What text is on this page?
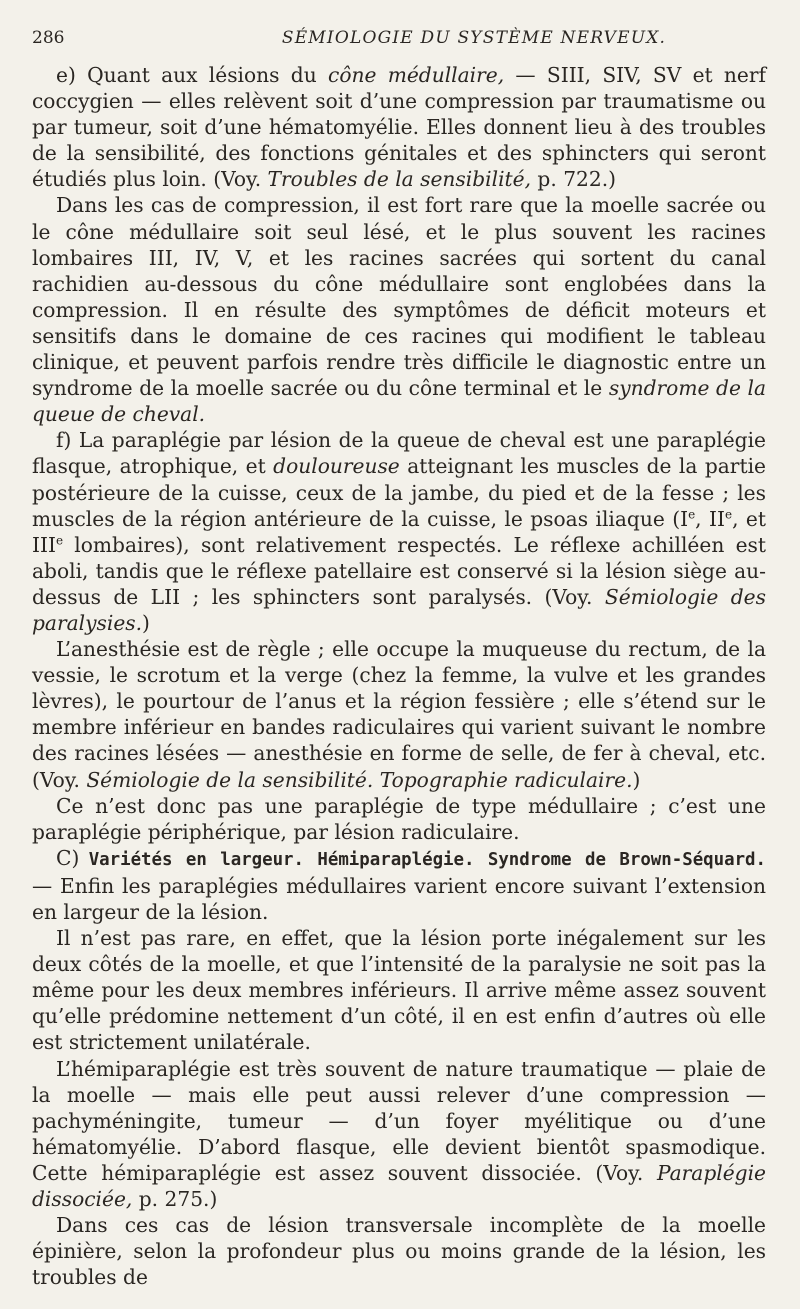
286	SÉMIOLOGIE DU SYSTÈME NERVEUX.

e) Quant aux lésions du cône médullaire, — SIII, SIV, SV et nerf coccygien — elles relèvent soit d’une compression par traumatisme ou par tumeur, soit d’une hématomyélie. Elles donnent lieu à des troubles de la sensibilité, des fonctions génitales et des sphincters qui seront étudiés plus loin. (Voy. Troubles de la sensibilité, p. 722.)

Dans les cas de compression, il est fort rare que la moelle sacrée ou le cône médullaire soit seul lésé, et le plus souvent les racines lombaires III, IV, V, et les racines sacrées qui sortent du canal rachidien au-dessous du cône médullaire sont englobées dans la compression. Il en résulte des symptômes de déficit moteurs et sensitifs dans le domaine de ces racines qui modifient le tableau clinique, et peuvent parfois rendre très difficile le diagnostic entre un syndrome de la moelle sacrée ou du cône terminal et le syndrome de la queue de cheval.

f) La paraplégie par lésion de la queue de cheval est une paraplégie flasque, atrophique, et douloureuse atteignant les muscles de la partie postérieure de la cuisse, ceux de la jambe, du pied et de la fesse ; les muscles de la région antérieure de la cuisse, le psoas iliaque (Ie, IIe, et IIIe lombaires), sont relativement respectés. Le réflexe achilléen est aboli, tandis que le réflexe patellaire est conservé si la lésion siège au-dessus de LII ; les sphincters sont paralysés. (Voy. Sémiologie des paralysies.)

L’anesthésie est de règle ; elle occupe la muqueuse du rectum, de la vessie, le scrotum et la verge (chez la femme, la vulve et les grandes lèvres), le pourtour de l’anus et la région fessière ; elle s’étend sur le membre inférieur en bandes radiculaires qui varient suivant le nombre des racines lésées — anesthésie en forme de selle, de fer à cheval, etc. (Voy. Sémiologie de la sensibilité. Topographie radiculaire.)

Ce n’est donc pas une paraplégie de type médullaire ; c’est une paraplégie périphérique, par lésion radiculaire.

C) Variétés en largeur. Hémiparaplégie. Syndrome de Brown-Séquard. — Enfin les paraplégies médullaires varient encore suivant l’extension en largeur de la lésion.

Il n’est pas rare, en effet, que la lésion porte inégalement sur les deux côtés de la moelle, et que l’intensité de la paralysie ne soit pas la même pour les deux membres inférieurs. Il arrive même assez souvent qu’elle prédomine nettement d’un côté, il en est enfin d’autres où elle est strictement unilatérale.

L’hémiparaplégie est très souvent de nature traumatique — plaie de la moelle — mais elle peut aussi relever d’une compression — pachyméningite, tumeur — d’un foyer myélitique ou d’une hématomyélie. D’abord flasque, elle devient bientôt spasmodique. Cette hémiparaplégie est assez souvent dissociée. (Voy. Paraplégie dissociée, p. 275.)

Dans ces cas de lésion transversale incomplète de la moelle épinière, selon la profondeur plus ou moins grande de la lésion, les troubles de
